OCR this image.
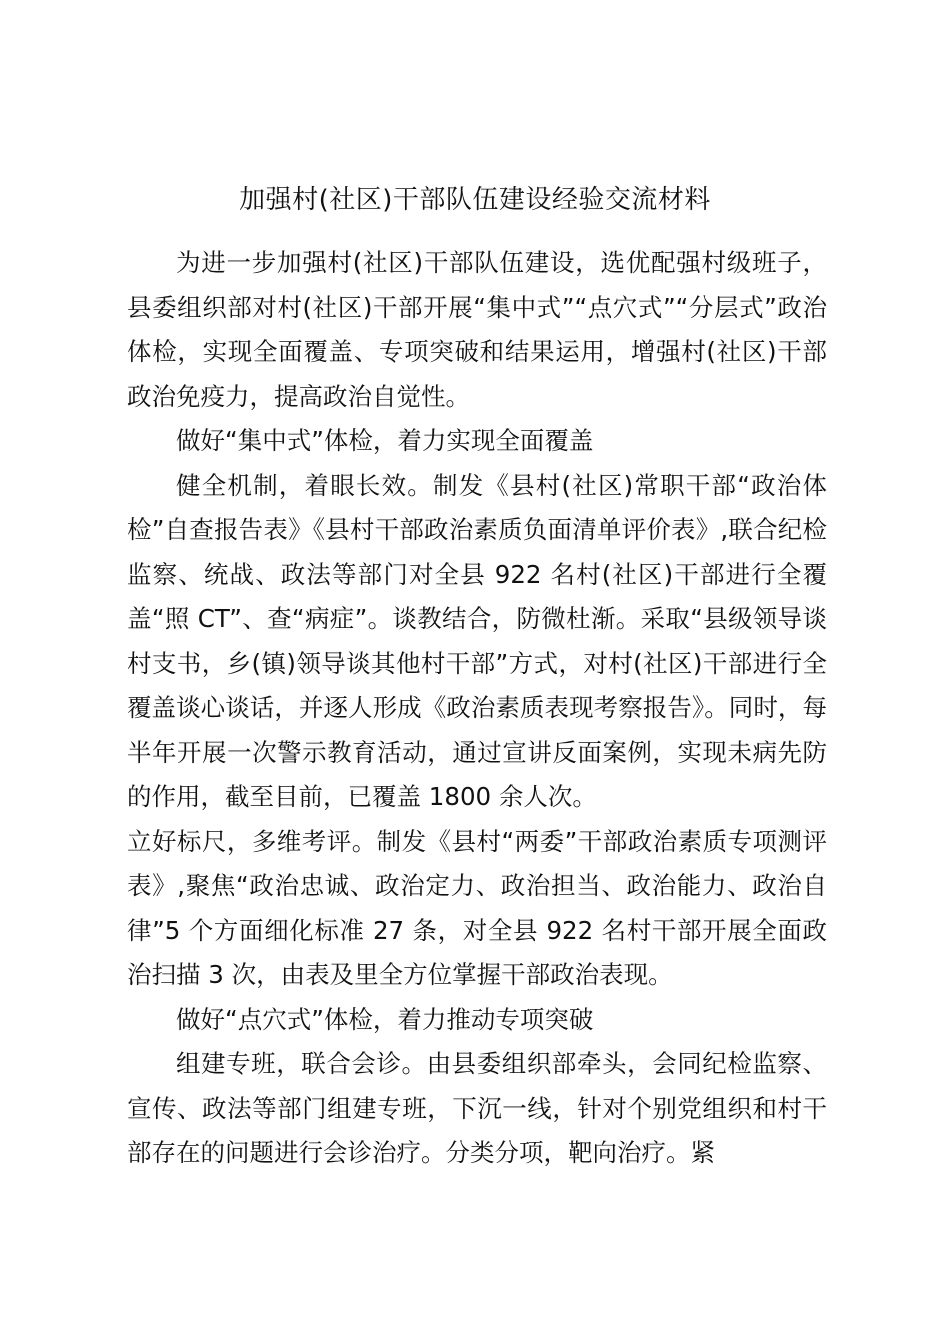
加强村(社区)干部队伍建设经验交流材料

为进一步加强村(社区)干部队伍建设，选优配强村级班子，县委组织部对村(社区)干部开展“集中式”“点穴式”“分层式”政治体检，实现全面覆盖、专项突破和结果运用，增强村(社区)干部政治免疫力，提高政治自觉性。

做好“集中式”体检，着力实现全面覆盖

健全机制，着眼长效。制发《县村(社区)常职干部“政治体检”自查报告表》《县村干部政治素质负面清单评价表》,联合纪检监察、统战、政法等部门对全县 922 名村(社区)干部进行全覆盖“照 CT”、查“病症”。谈教结合，防微杜渐。采取“县级领导谈村支书，乡(镇)领导谈其他村干部”方式，对村(社区)干部进行全覆盖谈心谈话，并逐人形成《政治素质表现考察报告》。同时，每半年开展一次警示教育活动，通过宣讲反面案例，实现未病先防的作用，截至目前，已覆盖 1800 余人次。

立好标尺，多维考评。制发《县村“两委”干部政治素质专项测评表》,聚焦“政治忠诚、政治定力、政治担当、政治能力、政治自律”5 个方面细化标准 27 条，对全县 922 名村干部开展全面政治扫描 3 次，由表及里全方位掌握干部政治表现。

做好“点穴式”体检，着力推动专项突破

组建专班，联合会诊。由县委组织部牵头，会同纪检监察、宣传、政法等部门组建专班，下沉一线，针对个别党组织和村干部存在的问题进行会诊治疗。分类分项，靶向治疗。紧
